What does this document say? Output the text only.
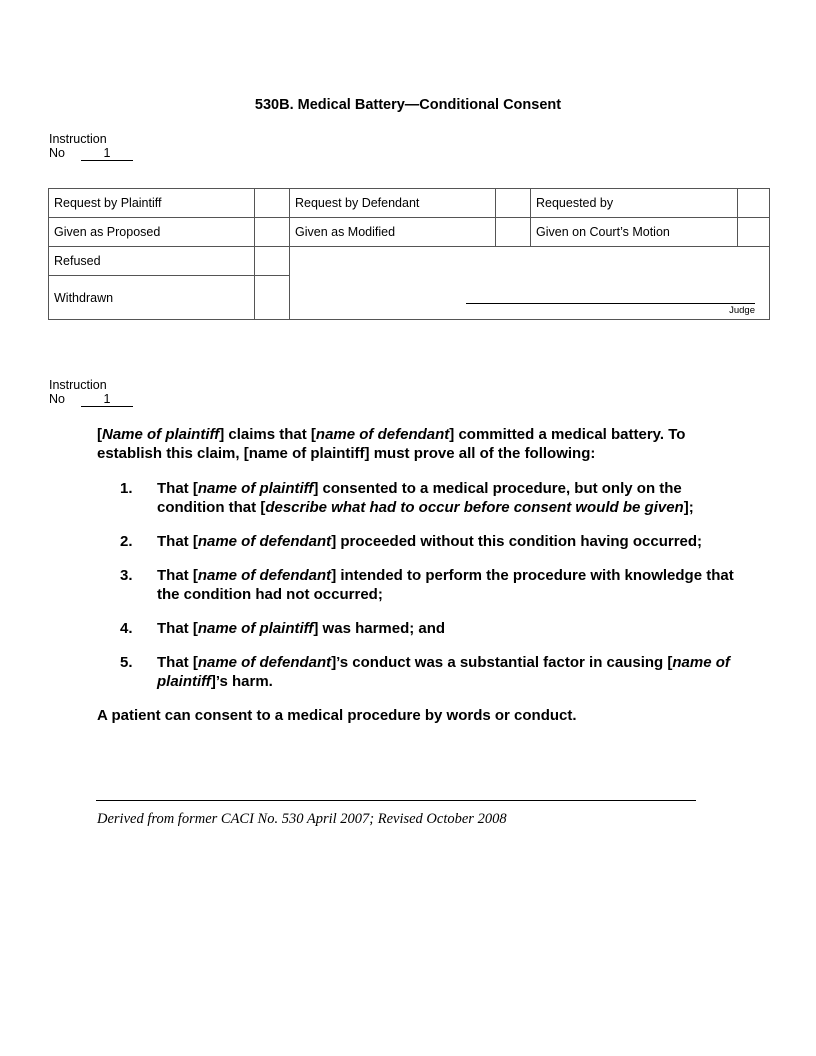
530B. Medical Battery—Conditional Consent
Instruction
No	1
Request by Plaintiff		Request by Defendant		Requested by	
Given as Proposed		Given as Modified		Given on Court’s Motion	
Refused		Judge			

Withdrawn					
Instruction
No	1

[Name of plaintiff] claims that [name of defendant] committed a medical battery. To establish this claim, [name of plaintiff] must prove all of the following:

1. That [name of plaintiff] consented to a medical procedure, but only on the condition that [describe what had to occur before consent would be given];
2. That [name of defendant] proceeded without this condition having occurred;
3. That [name of defendant] intended to perform the procedure with knowledge that the condition had not occurred;
4. That [name of plaintiff] was harmed; and
5. That [name of defendant]’s conduct was a substantial factor in causing [name of plaintiff]’s harm.

A patient can consent to a medical procedure by words or conduct.

Derived from former CACI No. 530 April 2007; Revised October 2008
